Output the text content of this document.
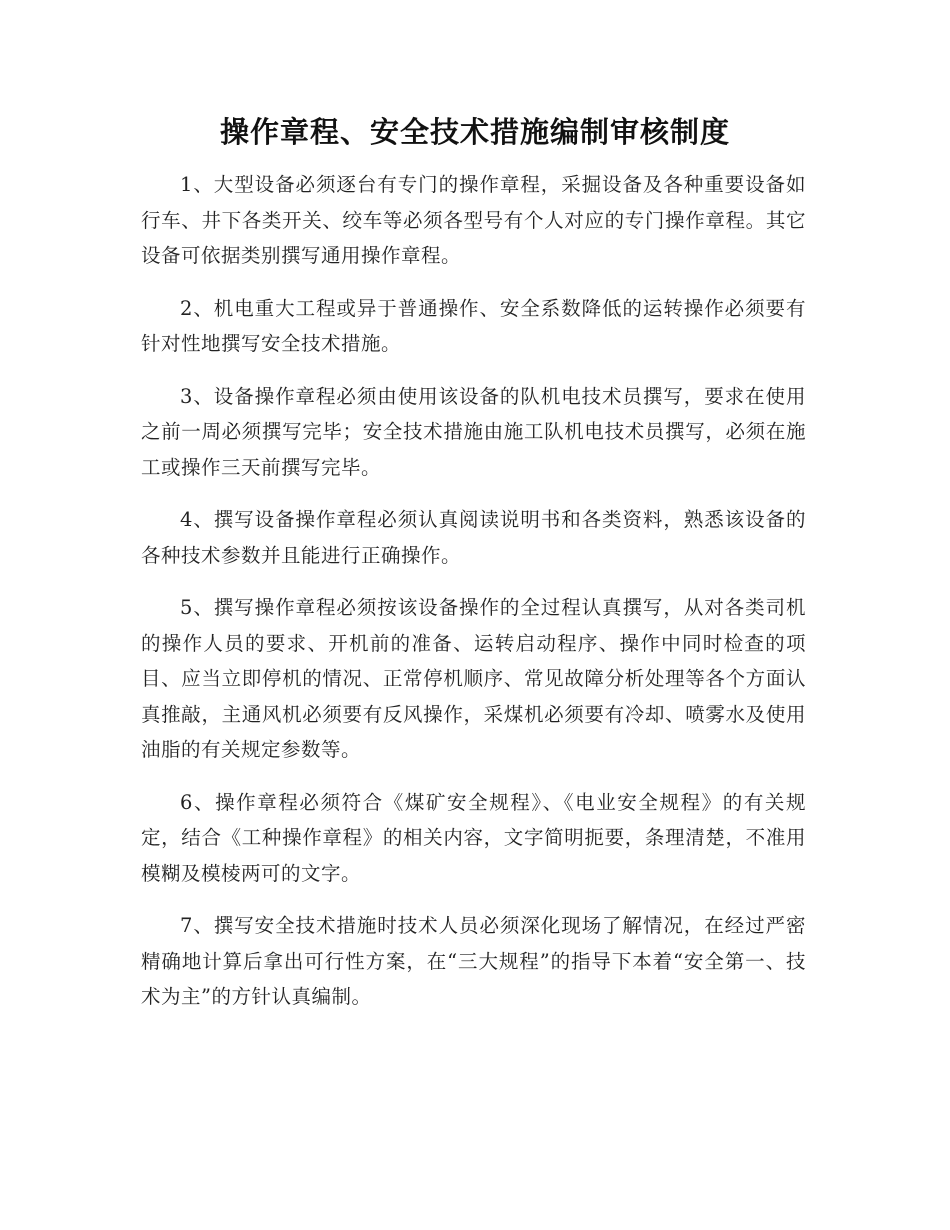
操作章程、安全技术措施编制审核制度

1、大型设备必须逐台有专门的操作章程，采掘设备及各种重要设备如行车、井下各类开关、绞车等必须各型号有个人对应的专门操作章程。其它设备可依据类别撰写通用操作章程。

2、机电重大工程或异于普通操作、安全系数降低的运转操作必须要有针对性地撰写安全技术措施。

3、设备操作章程必须由使用该设备的队机电技术员撰写，要求在使用之前一周必须撰写完毕；安全技术措施由施工队机电技术员撰写，必须在施工或操作三天前撰写完毕。

4、撰写设备操作章程必须认真阅读说明书和各类资料，熟悉该设备的各种技术参数并且能进行正确操作。

5、撰写操作章程必须按该设备操作的全过程认真撰写，从对各类司机的操作人员的要求、开机前的准备、运转启动程序、操作中同时检查的项目、应当立即停机的情况、正常停机顺序、常见故障分析处理等各个方面认真推敲，主通风机必须要有反风操作，采煤机必须要有冷却、喷雾水及使用油脂的有关规定参数等。

6、操作章程必须符合《煤矿安全规程》、《电业安全规程》的有关规定，结合《工种操作章程》的相关内容，文字简明扼要，条理清楚，不准用模糊及模棱两可的文字。

7、撰写安全技术措施时技术人员必须深化现场了解情况，在经过严密精确地计算后拿出可行性方案，在“三大规程”的指导下本着“安全第一、技术为主”的方针认真编制。
